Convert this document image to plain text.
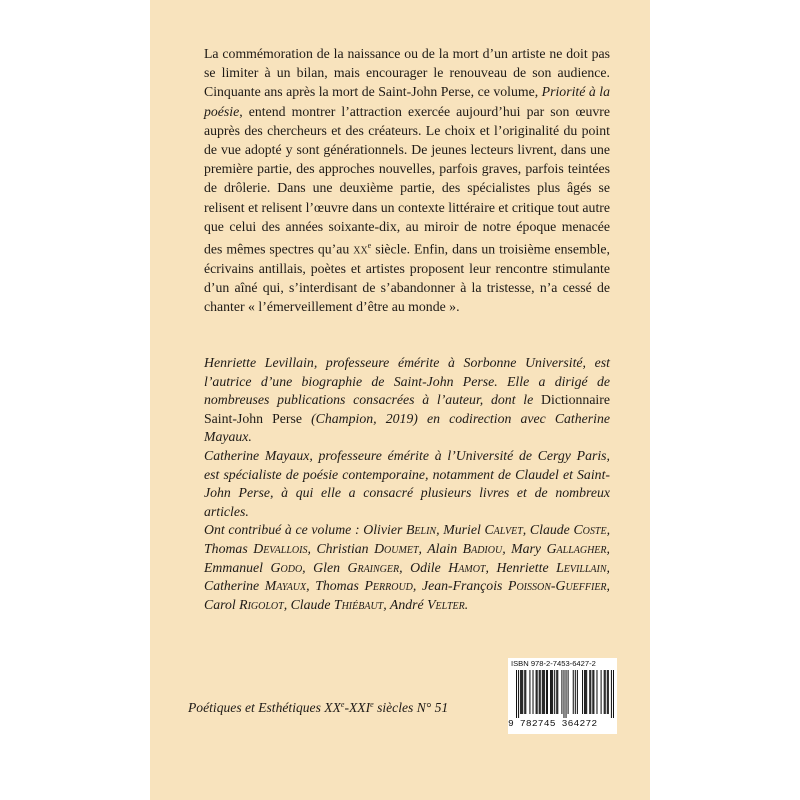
La commémoration de la naissance ou de la mort d’un artiste ne doit pas se limiter à un bilan, mais encourager le renouveau de son audience. Cinquante ans après la mort de Saint-John Perse, ce volume, Priorité à la poésie, entend montrer l’attraction exercée aujourd’hui par son œuvre auprès des chercheurs et des créateurs. Le choix et l’originalité du point de vue adopté y sont générationnels. De jeunes lecteurs livrent, dans une première partie, des approches nouvelles, parfois graves, parfois teintées de drôlerie. Dans une deuxième partie, des spécialistes plus âgés se relisent et relisent l’œuvre dans un contexte littéraire et critique tout autre que celui des années soixante-dix, au miroir de notre époque menacée des mêmes spectres qu’au $xx^e$ siècle. Enfin, dans un troisième ensemble, écrivains antillais, poètes et artistes proposent leur rencontre stimulante d’un aîné qui, s’interdisant de s’abandonner à la tristesse, n’a cessé de chanter « l’émerveillement d’être au monde ».

Henriette Levillain, professeure émérite à Sorbonne Université, est l’autrice d’une biographie de Saint-John Perse. Elle a dirigé de nombreuses publications consacrées à l’auteur, dont le Dictionnaire Saint-John Perse (Champion, 2019) en codirection avec Catherine Mayaux.

Catherine Mayaux, professeure émérite à l’Université de Cergy Paris, est spécialiste de poésie contemporaine, notamment de Claudel et Saint-John Perse, à qui elle a consacré plusieurs livres et de nombreux articles.

Ont contribué à ce volume : Olivier Belin, Muriel Calvet, Claude Coste, Thomas Devallois, Christian Doumet, Alain Badiou, Mary Gallagher, Emmanuel Godo, Glen Grainger, Odile Hamot, Henriette Levillain, Catherine Mayaux, Thomas Perroud, Jean-François Poisson-Gueffier, Carol Rigolot, Claude Thiébaut, André Velter.

Poétiques et Esthétiques XXe-XXIe siècles N° 51
ISBN 978-2-7453-6427-2
9 782745 364272
